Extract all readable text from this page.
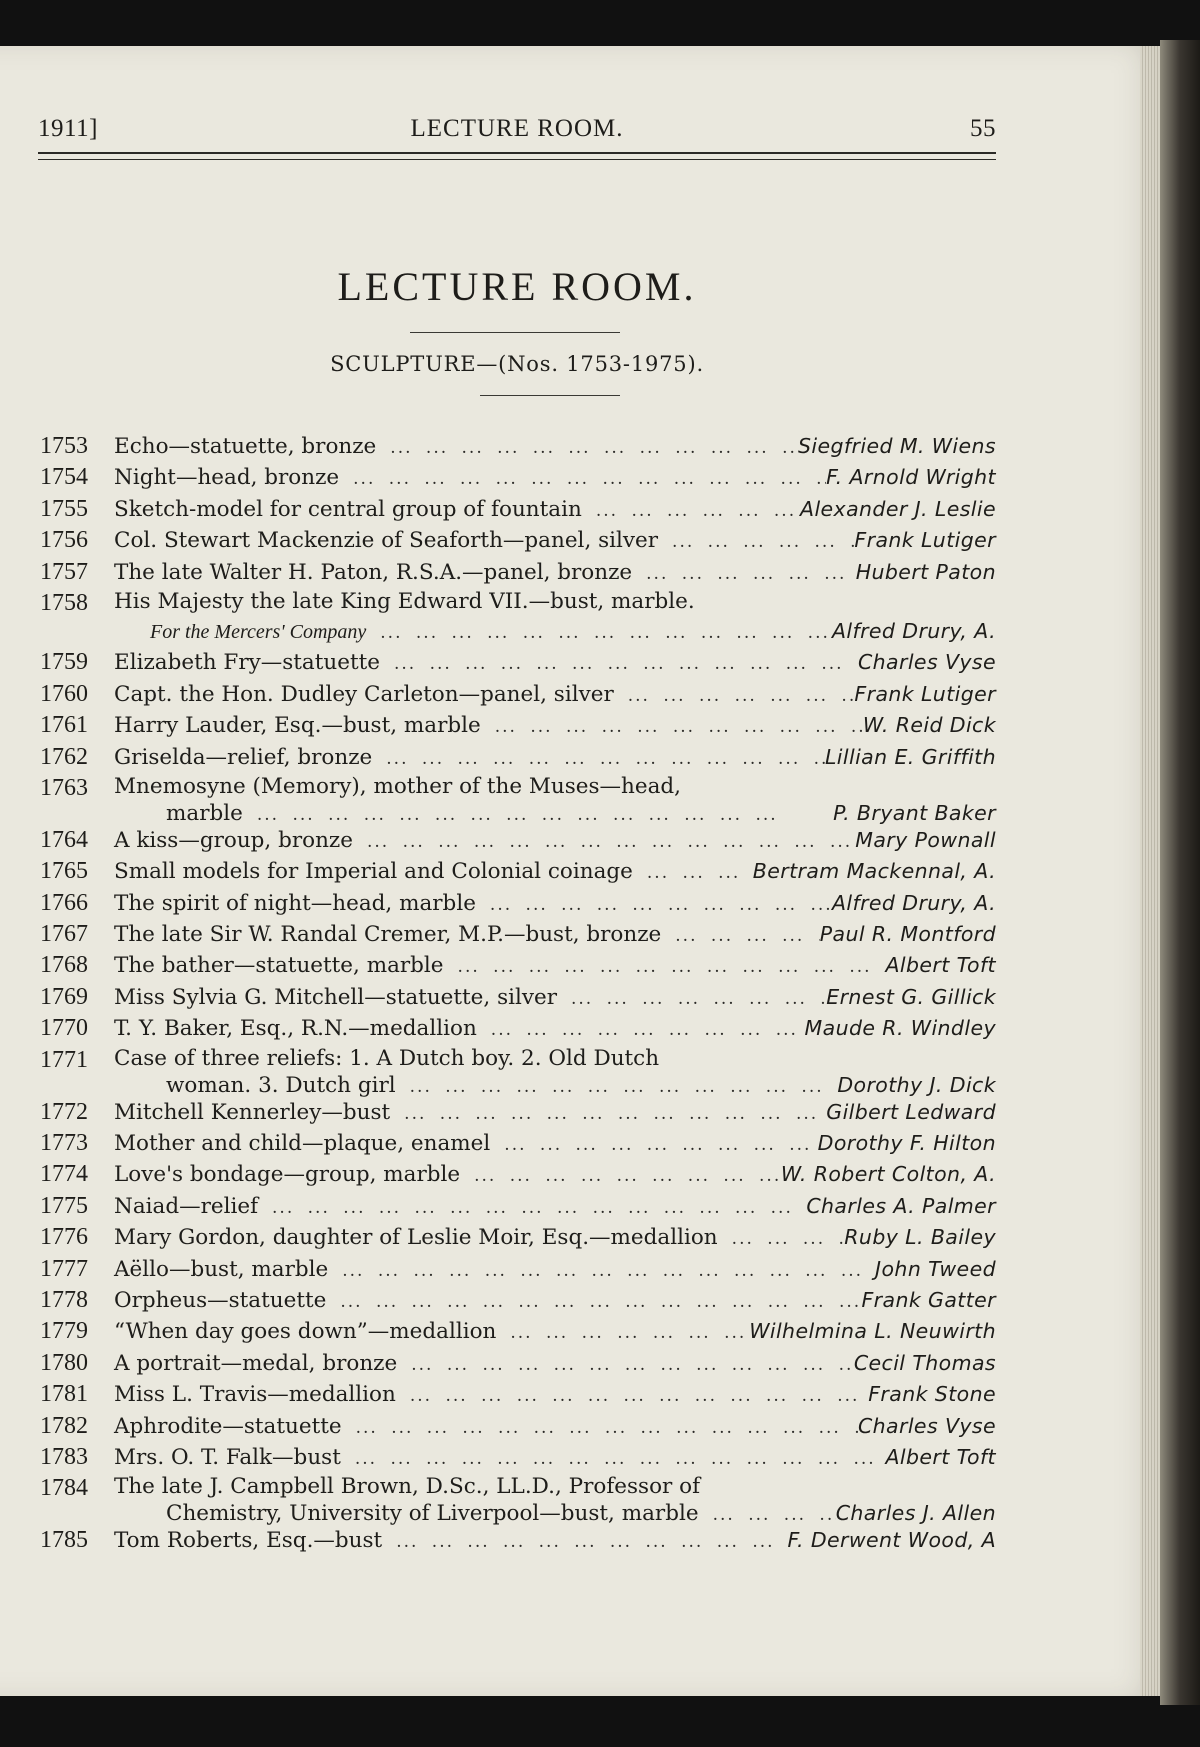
1911]	LECTURE ROOM.	55
LECTURE ROOM.
SCULPTURE—(Nos. 1753-1975).
1753	Echo—statuette, bronze ...	Siegfried M. Wiens
1754	Night—head, bronze ...	F. Arnold Wright
1755	Sketch-model for central group of fountain ...	Alexander J. Leslie
1756	Col. Stewart Mackenzie of Seaforth—panel, silver ...	Frank Lutiger
1757	The late Walter H. Paton, R.S.A.—panel, bronze ...	Hubert Paton
1758	His Majesty the late King Edward VII.—bust, marble.
For the Mercers' Company ...	Alfred Drury, A.
1759	Elizabeth Fry—statuette ...	Charles Vyse
1760	Capt. the Hon. Dudley Carleton—panel, silver ...	Frank Lutiger
1761	Harry Lauder, Esq.—bust, marble ...	W. Reid Dick
1762	Griselda—relief, bronze ...	Lillian E. Griffith
1763	Mnemosyne (Memory), mother of the Muses—head,
marble ...	P. Bryant Baker
1764	A kiss—group, bronze ...	Mary Pownall
1765	Small models for Imperial and Colonial coinage ...	Bertram Mackennal, A.
1766	The spirit of night—head, marble ...	Alfred Drury, A.
1767	The late Sir W. Randal Cremer, M.P.—bust, bronze ...	Paul R. Montford
1768	The bather—statuette, marble ...	Albert Toft
1769	Miss Sylvia G. Mitchell—statuette, silver ...	Ernest G. Gillick
1770	T. Y. Baker, Esq., R.N.—medallion ...	Maude R. Windley
1771	Case of three reliefs: 1. A Dutch boy. 2. Old Dutch
woman. 3. Dutch girl ...	Dorothy J. Dick
1772	Mitchell Kennerley—bust ...	Gilbert Ledward
1773	Mother and child—plaque, enamel ...	Dorothy F. Hilton
1774	Love's bondage—group, marble ...	W. Robert Colton, A.
1775	Naiad—relief ...	Charles A. Palmer
1776	Mary Gordon, daughter of Leslie Moir, Esq.—medallion ...	Ruby L. Bailey
1777	Aëllo—bust, marble ...	John Tweed
1778	Orpheus—statuette ...	Frank Gatter
1779	“When day goes down”—medallion ...	Wilhelmina L. Neuwirth
1780	A portrait—medal, bronze ...	Cecil Thomas
1781	Miss L. Travis—medallion ...	Frank Stone
1782	Aphrodite—statuette ...	Charles Vyse
1783	Mrs. O. T. Falk—bust ...	Albert Toft
1784	The late J. Campbell Brown, D.Sc., LL.D., Professor of
Chemistry, University of Liverpool—bust, marble ...	Charles J. Allen
1785	Tom Roberts, Esq.—bust ...	F. Derwent Wood, A
